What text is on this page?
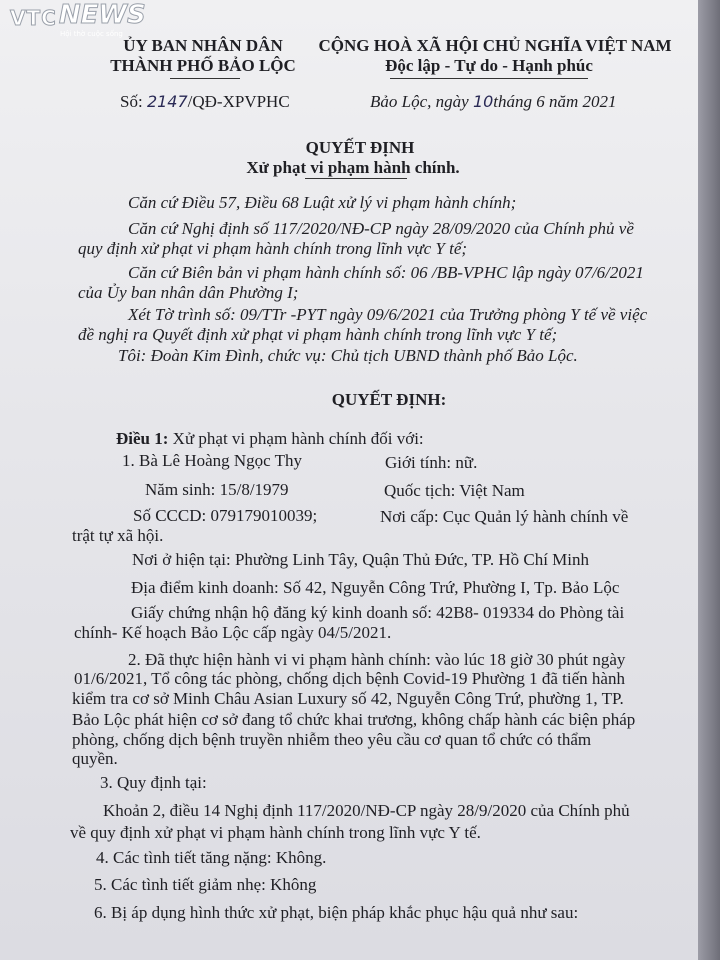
VTC NEWS
Hội thờ cuộc sống
ỦY BAN NHÂN DÂN
THÀNH PHỐ BẢO LỘC
CỘNG HOÀ XÃ HỘI CHỦ NGHĨA VIỆT NAM
Độc lập - Tự do - Hạnh phúc
Số: 2147/QĐ-XPVPHC	Bảo Lộc, ngày 10tháng 6 năm 2021
QUYẾT ĐỊNH
Xử phạt vi phạm hành chính.
Căn cứ Điều 57, Điều 68 Luật xử lý vi phạm hành chính;
Căn cứ Nghị định số 117/2020/NĐ-CP ngày 28/09/2020 của Chính phủ về
quy định xử phạt vi phạm hành chính trong lĩnh vực Y tế;
Căn cứ Biên bản vi phạm hành chính số: 06 /BB-VPHC lập ngày 07/6/2021
của Ủy ban nhân dân Phường I;
Xét Tờ trình số: 09/TTr -PYT ngày 09/6/2021 của Trưởng phòng Y tế về việc
đề nghị ra Quyết định xử phạt vi phạm hành chính trong lĩnh vực Y tế;
Tôi: Đoàn Kim Đình, chức vụ: Chủ tịch UBND thành phố Bảo Lộc.
QUYẾT ĐỊNH:
Điều 1: Xử phạt vi phạm hành chính đối với:
1. Bà Lê Hoàng Ngọc Thy	Giới tính: nữ.
Năm sinh: 15/8/1979	Quốc tịch: Việt Nam
Số CCCD: 079179010039;	Nơi cấp: Cục Quản lý hành chính về
trật tự xã hội.
Nơi ở hiện tại: Phường Linh Tây, Quận Thủ Đức, TP. Hồ Chí Minh
Địa điểm kinh doanh: Số 42, Nguyễn Công Trứ, Phường I, Tp. Bảo Lộc
Giấy chứng nhận hộ đăng ký kinh doanh số: 42B8- 019334 do Phòng tài
chính- Kế hoạch Bảo Lộc cấp ngày 04/5/2021.
2. Đã thực hiện hành vi vi phạm hành chính: vào lúc 18 giờ 30 phút ngày
01/6/2021, Tổ công tác phòng, chống dịch bệnh Covid-19 Phường 1 đã tiến hành
kiểm tra cơ sở Minh Châu Asian Luxury số 42, Nguyễn Công Trứ, phường 1, TP.
Bảo Lộc phát hiện cơ sở đang tổ chức khai trương, không chấp hành các biện pháp
phòng, chống dịch bệnh truyền nhiễm theo yêu cầu cơ quan tổ chức có thẩm
quyền.
3. Quy định tại:
Khoản 2, điều 14 Nghị định 117/2020/NĐ-CP ngày 28/9/2020 của Chính phủ
về quy định xử phạt vi phạm hành chính trong lĩnh vực Y tế.
4. Các tình tiết tăng nặng: Không.
5. Các tình tiết giảm nhẹ: Không
6. Bị áp dụng hình thức xử phạt, biện pháp khắc phục hậu quả như sau:
